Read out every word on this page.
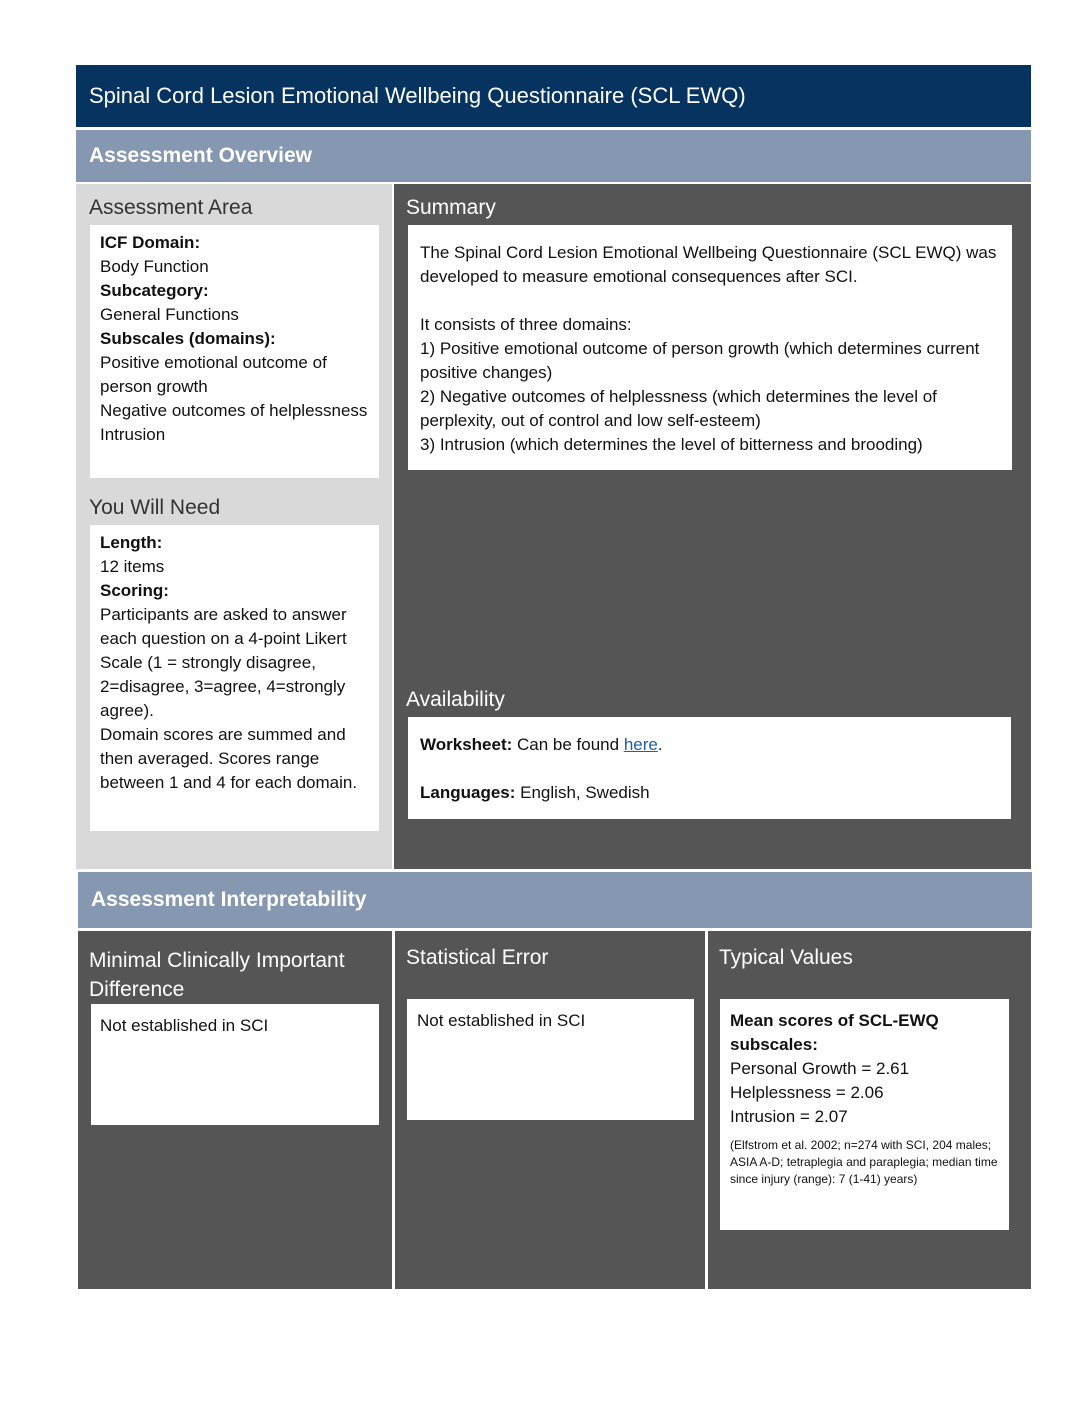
Spinal Cord Lesion Emotional Wellbeing Questionnaire (SCL EWQ)
Assessment Overview
Assessment Area
ICF Domain:
Body Function
Subcategory:
General Functions
Subscales (domains):
Positive emotional outcome of person growth
Negative outcomes of helplessness
Intrusion
You Will Need
Length:
12 items
Scoring:
Participants are asked to answer each question on a 4-point Likert Scale (1 = strongly disagree, 2=disagree, 3=agree, 4=strongly agree).
Domain scores are summed and then averaged. Scores range between 1 and 4 for each domain.
Summary
The Spinal Cord Lesion Emotional Wellbeing Questionnaire (SCL EWQ) was developed to measure emotional consequences after SCI.
It consists of three domains:
1) Positive emotional outcome of person growth (which determines current positive changes)
2) Negative outcomes of helplessness (which determines the level of perplexity, out of control and low self-esteem)
3) Intrusion (which determines the level of bitterness and brooding)
Availability
Worksheet: Can be found here.
Languages: English, Swedish
Assessment Interpretability
Minimal Clinically Important Difference
Not established in SCI
Statistical Error
Not established in SCI
Typical Values
Mean scores of SCL-EWQ subscales:
Personal Growth = 2.61
Helplessness = 2.06
Intrusion = 2.07
(Elfstrom et al. 2002; n=274 with SCI, 204 males; ASIA A-D; tetraplegia and paraplegia; median time since injury (range): 7 (1-41) years)
